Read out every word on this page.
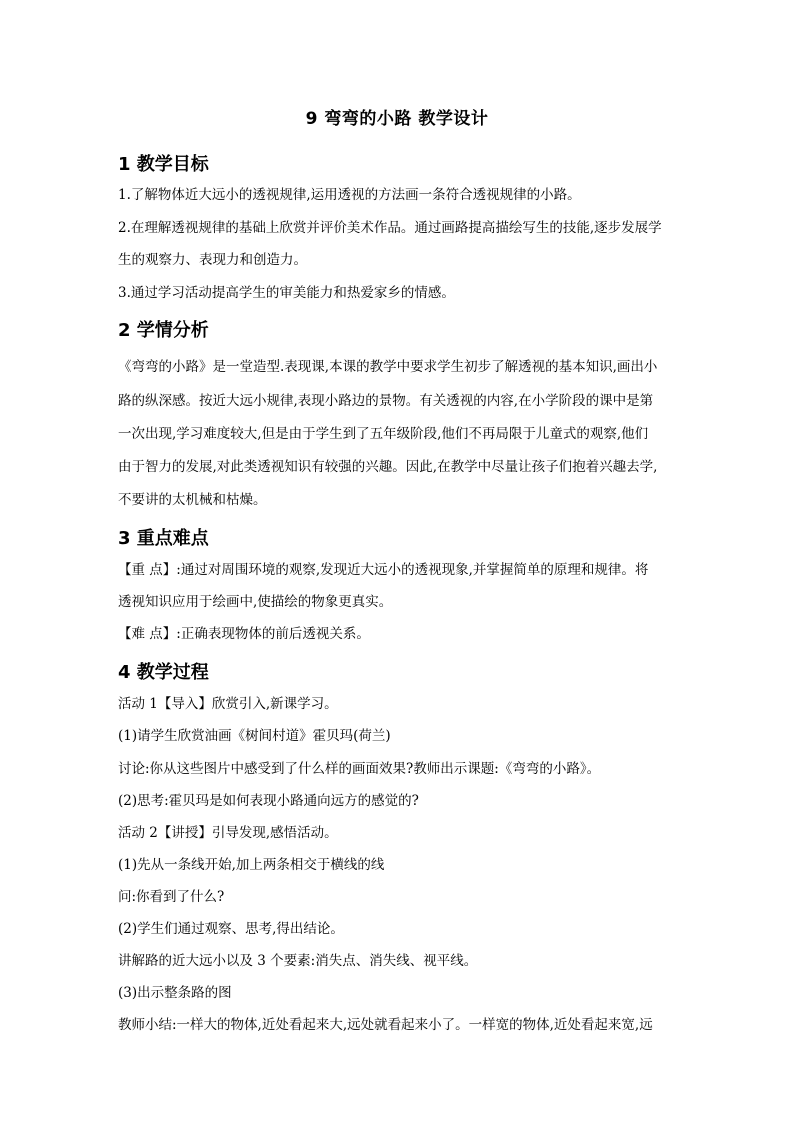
9 弯弯的小路 教学设计
1 教学目标
1.了解物体近大远小的透视规律,运用透视的方法画一条符合透视规律的小路。
2.在理解透视规律的基础上欣赏并评价美术作品。通过画路提高描绘写生的技能,逐步发展学
生的观察力、表现力和创造力。
3.通过学习活动提高学生的审美能力和热爱家乡的情感。
2 学情分析
《弯弯的小路》是一堂造型.表现课,本课的教学中要求学生初步了解透视的基本知识,画出小
路的纵深感。按近大远小规律,表现小路边的景物。有关透视的内容,在小学阶段的课中是第
一次出现,学习难度较大,但是由于学生到了五年级阶段,他们不再局限于儿童式的观察,他们
由于智力的发展,对此类透视知识有较强的兴趣。因此,在教学中尽量让孩子们抱着兴趣去学,
不要讲的太机械和枯燥。
3 重点难点
【重 点】:通过对周围环境的观察,发现近大远小的透视现象,并掌握简单的原理和规律。将
透视知识应用于绘画中,使描绘的物象更真实。
【难 点】:正确表现物体的前后透视关系。
4 教学过程
活动 1【导入】欣赏引入,新课学习。
(1)请学生欣赏油画《树间村道》霍贝玛(荷兰)
讨论:你从这些图片中感受到了什么样的画面效果?教师出示课题:《弯弯的小路》。
(2)思考:霍贝玛是如何表现小路通向远方的感觉的?
活动 2【讲授】引导发现,感悟活动。
(1)先从一条线开始,加上两条相交于横线的线
问:你看到了什么?
(2)学生们通过观察、思考,得出结论。
讲解路的近大远小以及 3 个要素:消失点、消失线、视平线。
(3)出示整条路的图
教师小结:一样大的物体,近处看起来大,远处就看起来小了。一样宽的物体,近处看起来宽,远
